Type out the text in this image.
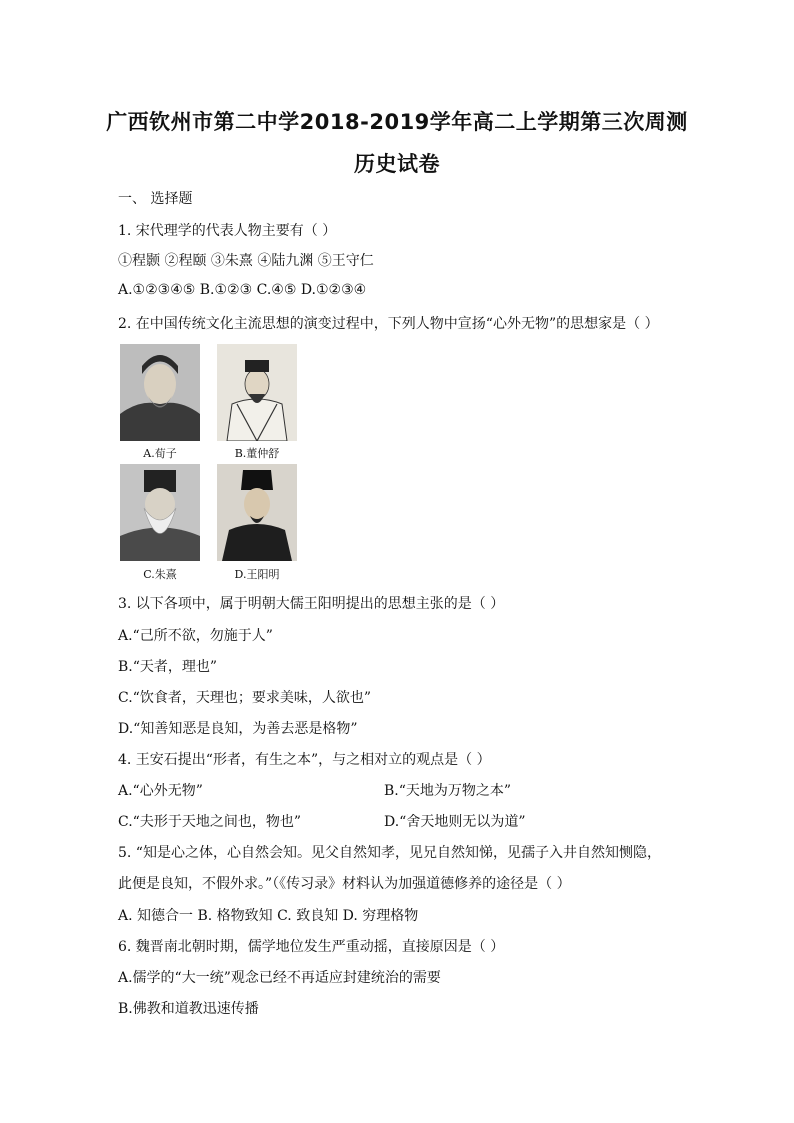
广西钦州市第二中学2018-2019学年高二上学期第三次周测
历史试卷
一、 选择题
1. 宋代理学的代表人物主要有（ ）
①程颢 ②程颐 ③朱熹 ④陆九渊 ⑤王守仁
A.①②③④⑤ B.①②③ C.④⑤ D.①②③④
2. 在中国传统文化主流思想的演变过程中，下列人物中宣扬“心外无物”的思想家是（ ）
A.荀子	B.董仲舒
C.朱熹	D.王阳明
3. 以下各项中，属于明朝大儒王阳明提出的思想主张的是（ ）
A.“己所不欲，勿施于人”
B.“天者，理也”
C.“饮食者，天理也；要求美味，人欲也”
D.“知善知恶是良知，为善去恶是格物”
4. 王安石提出“形者，有生之本”，与之相对立的观点是（ ）
A.“心外无物”	B.“天地为万物之本”
C.“夫形于天地之间也，物也”	D.“舍天地则无以为道”
5. “知是心之体，心自然会知。见父自然知孝，见兄自然知悌，见孺子入井自然知恻隐，
此便是良知，不假外求。”（《传习录》材料认为加强道德修养的途径是（ ）
A. 知德合一 B. 格物致知 C. 致良知 D. 穷理格物
6. 魏晋南北朝时期，儒学地位发生严重动摇，直接原因是（ ）
A.儒学的“大一统”观念已经不再适应封建统治的需要
B.佛教和道教迅速传播
